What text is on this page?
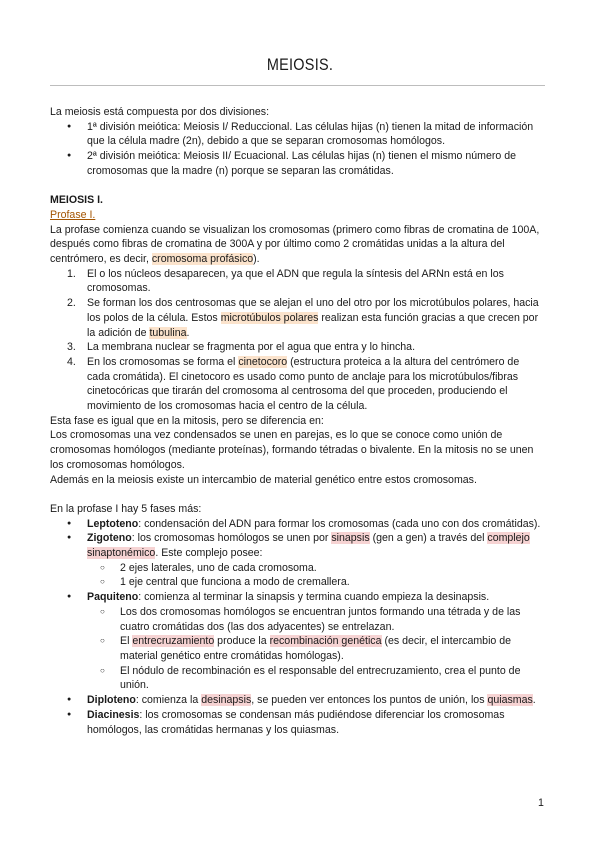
MEIOSIS.

La meiosis está compuesta por dos divisiones:

● 1ª división meiótica: Meiosis I/ Reduccional. Las células hijas (n) tienen la mitad de información que la célula madre (2n), debido a que se separan cromosomas homólogos.
● 2ª división meiótica: Meiosis II/ Ecuacional. Las células hijas (n) tienen el mismo número de cromosomas que la madre (n) porque se separan las cromátidas.

MEIOSIS I.

Profase I.

La profase comienza cuando se visualizan los cromosomas (primero como fibras de cromatina de 100A, después como fibras de cromatina de 300A y por último como 2 cromátidas unidas a la altura del centrómero, es decir, cromosoma profásico).

1. El o los núcleos desaparecen, ya que el ADN que regula la síntesis del ARNn está en los cromosomas.
2. Se forman los dos centrosomas que se alejan el uno del otro por los microtúbulos polares, hacia los polos de la célula. Estos microtúbulos polares realizan esta función gracias a que crecen por la adición de tubulina.
3. La membrana nuclear se fragmenta por el agua que entra y lo hincha.
4. En los cromosomas se forma el cinetocoro (estructura proteica a la altura del centrómero de cada cromátida). El cinetocoro es usado como punto de anclaje para los microtúbulos/fibras cinetocóricas que tirarán del cromosoma al centrosoma del que proceden, produciendo el movimiento de los cromosomas hacia el centro de la célula.

Esta fase es igual que en la mitosis, pero se diferencia en:

Los cromosomas una vez condensados se unen en parejas, es lo que se conoce como unión de cromosomas homólogos (mediante proteínas), formando tétradas o bivalente. En la mitosis no se unen los cromosomas homólogos.

Además en la meiosis existe un intercambio de material genético entre estos cromosomas.

En la profase I hay 5 fases más:

● Leptoteno: condensación del ADN para formar los cromosomas (cada uno con dos cromátidas).
● Zigoteno: los cromosomas homólogos se unen por sinapsis (gen a gen) a través del complejo sinaptonémico. Este complejo posee:
○ 2 ejes laterales, uno de cada cromosoma.
○ 1 eje central que funciona a modo de cremallera.
● Paquiteno: comienza al terminar la sinapsis y termina cuando empieza la desinapsis.
○ Los dos cromosomas homólogos se encuentran juntos formando una tétrada y de las cuatro cromátidas dos (las dos adyacentes) se entrelazan.
○ El entrecruzamiento produce la recombinación genética (es decir, el intercambio de material genético entre cromátidas homólogas).
○ El nódulo de recombinación es el responsable del entrecruzamiento, crea el punto de unión.
● Diploteno: comienza la desinapsis, se pueden ver entonces los puntos de unión, los quiasmas.
● Diacinesis: los cromosomas se condensan más pudiéndose diferenciar los cromosomas homólogos, las cromátidas hermanas y los quiasmas.
1
